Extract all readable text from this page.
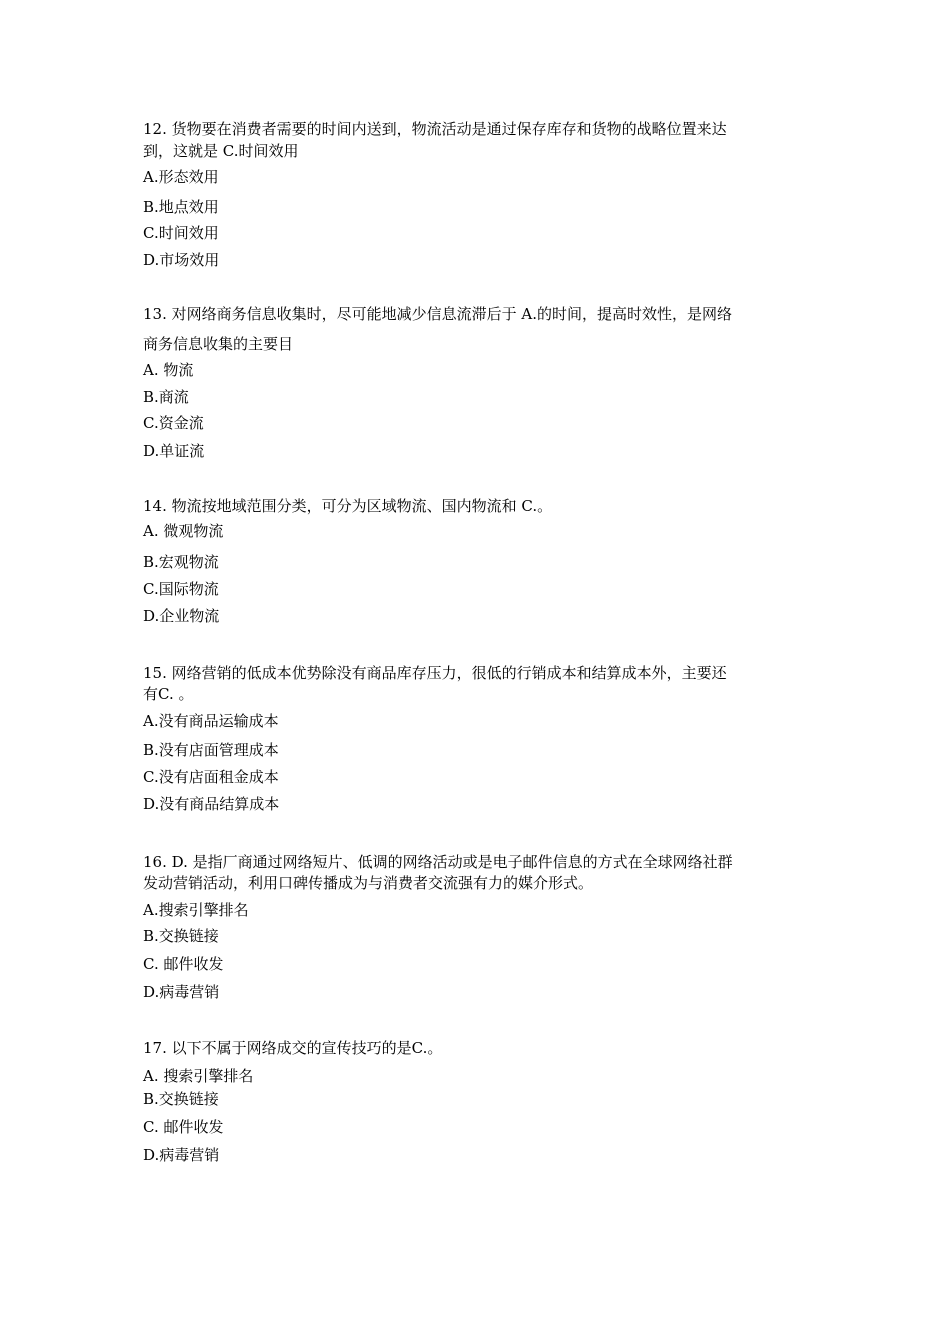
12. 货物要在消费者需要的时间内送到，物流活动是通过保存库存和货物的战略位置来达
到，这就是 C.时间效用
A.形态效用
B.地点效用
C.时间效用
D.市场效用
13. 对网络商务信息收集时，尽可能地减少信息流滞后于 A.的时间，提高时效性，是网络
商务信息收集的主要目
A. 物流
B.商流
C.资金流
D.单证流
14. 物流按地域范围分类，可分为区域物流、国内物流和 C.。
A. 微观物流
B.宏观物流
C.国际物流
D.企业物流
15. 网络营销的低成本优势除没有商品库存压力，很低的行销成本和结算成本外，主要还
有C. 。
A.没有商品运输成本
B.没有店面管理成本
C.没有店面租金成本
D.没有商品结算成本
16. D. 是指厂商通过网络短片、低调的网络活动或是电子邮件信息的方式在全球网络社群
发动营销活动，利用口碑传播成为与消费者交流强有力的媒介形式。
A.搜索引擎排名
B.交换链接
C. 邮件收发
D.病毒营销
17. 以下不属于网络成交的宣传技巧的是C.。
A. 搜索引擎排名
B.交换链接
C. 邮件收发
D.病毒营销
